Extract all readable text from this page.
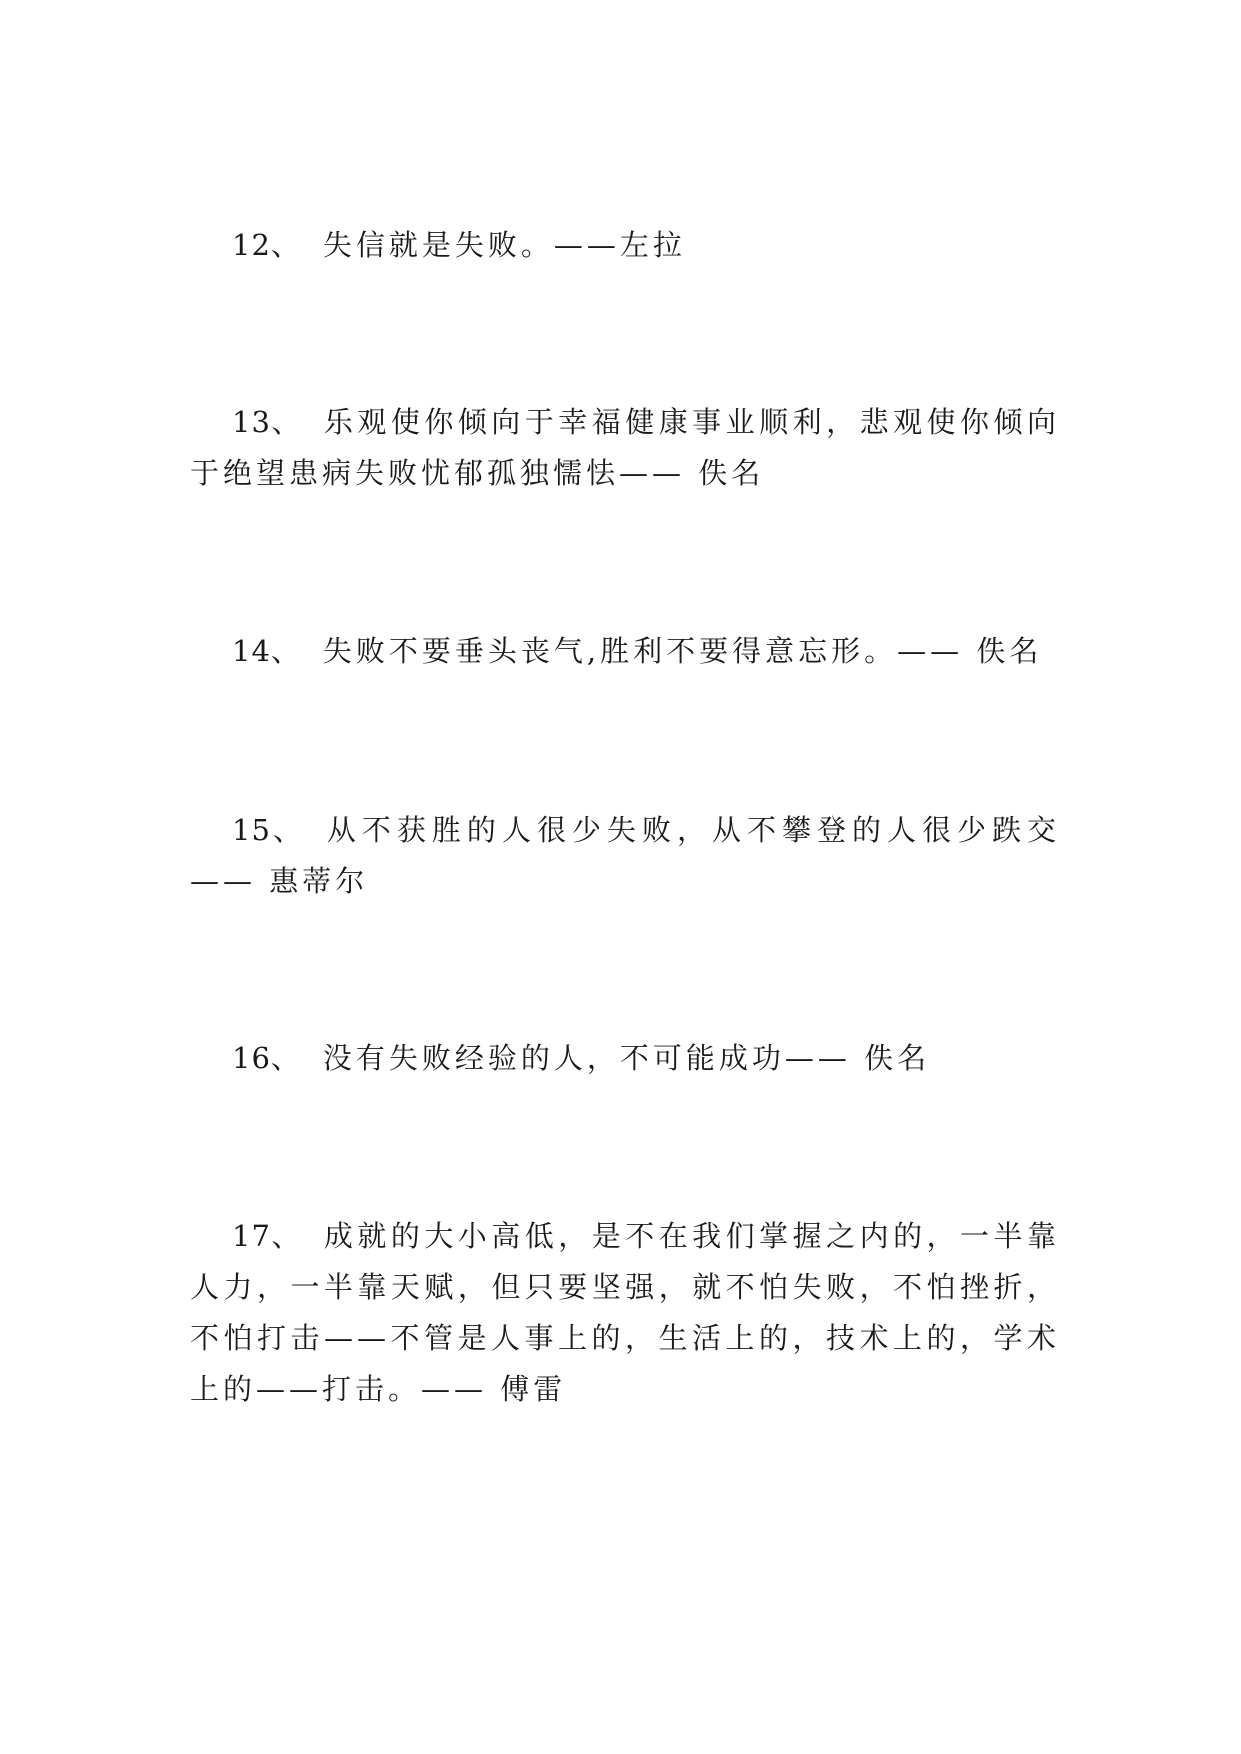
12、 失信就是失败。——左拉

13、 乐观使你倾向于幸福健康事业顺利，悲观使你倾向于绝望患病失败忧郁孤独懦怯—— 佚名

14、 失败不要垂头丧气,胜利不要得意忘形。—— 佚名

15、 从不获胜的人很少失败，从不攀登的人很少跌交—— 惠蒂尔

16、 没有失败经验的人，不可能成功—— 佚名

17、 成就的大小高低，是不在我们掌握之内的，一半靠人力，一半靠天赋，但只要坚强，就不怕失败，不怕挫折，不怕打击——不管是人事上的，生活上的，技术上的，学术上的——打击。—— 傅雷
